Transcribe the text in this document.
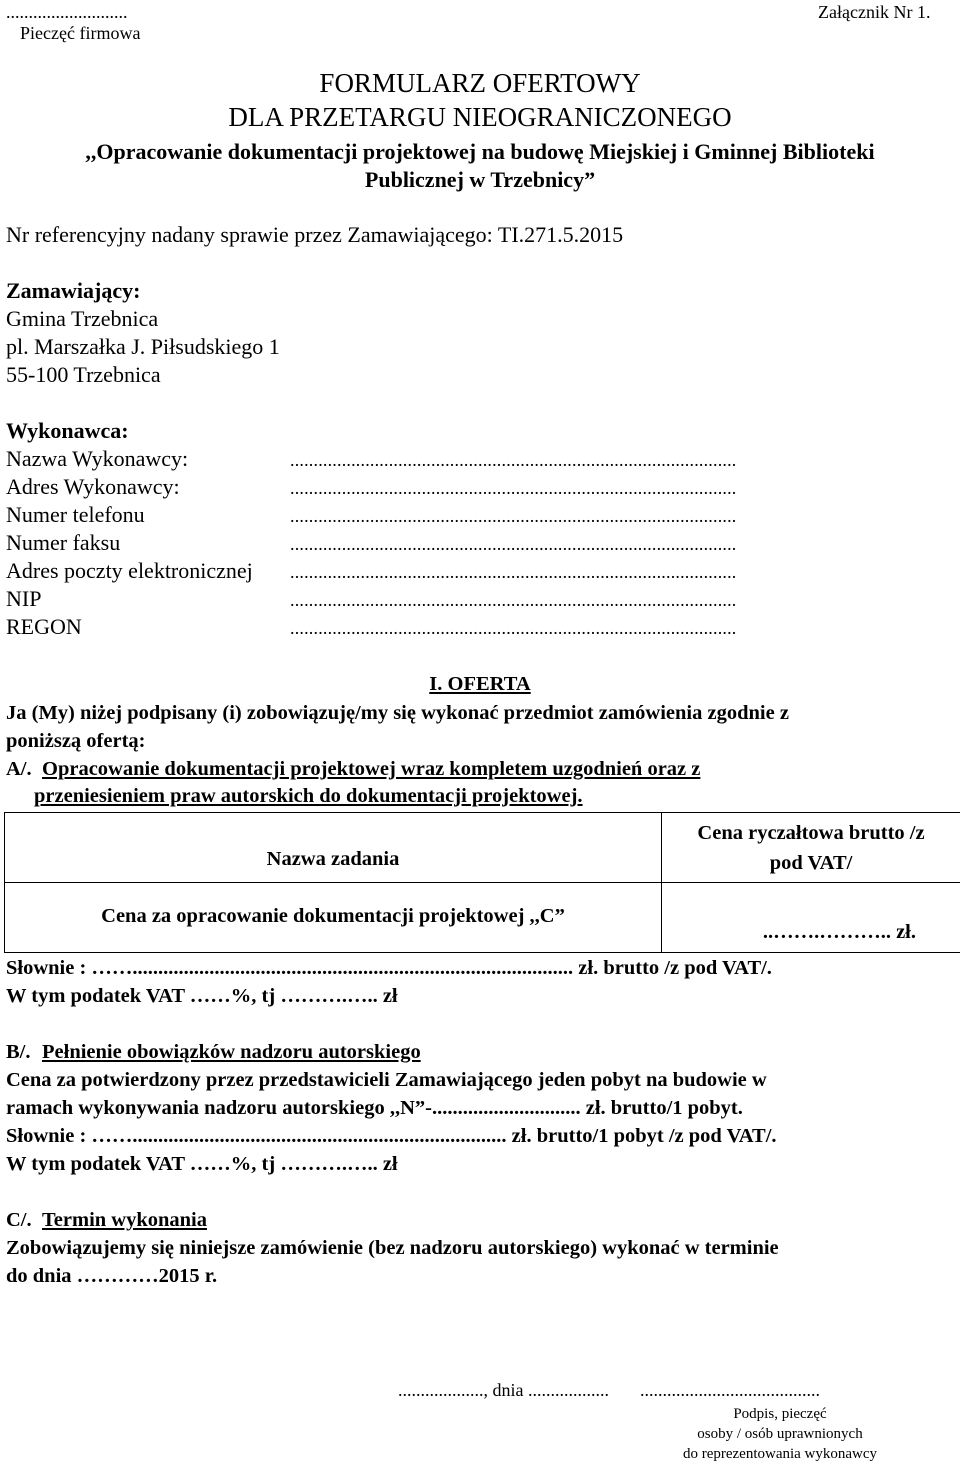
...........................
Pieczęć firmowa
Załącznik Nr 1.
FORMULARZ OFERTOWY
DLA PRZETARGU NIEOGRANICZONEGO
,,Opracowanie dokumentacji projektowej na budowę Miejskiej i Gminnej Biblioteki
Publicznej w Trzebnicy”
Nr referencyjny nadany sprawie przez Zamawiającego: TI.271.5.2015
Zamawiający:
Gmina Trzebnica
pl. Marszałka J. Piłsudskiego 1
55-100 Trzebnica
Wykonawca:
Nazwa Wykonawcy:	...............................................................................................
Adres Wykonawcy:	...............................................................................................
Numer telefonu	...............................................................................................
Numer faksu	...............................................................................................
Adres poczty elektronicznej ...............................................................................................
NIP	...............................................................................................
REGON	...............................................................................................
I. OFERTA
Ja (My) niżej podpisany (i) zobowiązuję/my się wykonać przedmiot zamówienia zgodnie z
poniższą ofertą:
A/. Opracowanie dokumentacji projektowej wraz kompletem uzgodnień oraz z
przeniesieniem praw autorskich do dokumentacji projektowej.
Nazwa zadania	Cena ryczałtowa brutto /z
pod VAT/

Cena za opracowanie dokumentacji projektowej ,,C”	..…….……….. zł.
Słownie : ……...................................................................................... zł. brutto /z pod VAT/.
W tym podatek VAT ……%, tj ……….….. zł
B/. Pełnienie obowiązków nadzoru autorskiego
Cena za potwierdzony przez przedstawicieli Zamawiającego jeden pobyt na budowie w
ramach wykonywania nadzoru autorskiego ,,N”-............................. zł. brutto/1 pobyt.
Słownie : ……......................................................................... zł. brutto/1 pobyt /z pod VAT/.
W tym podatek VAT ……%, tj ……….….. zł
C/. Termin wykonania
Zobowiązujemy się niniejsze zamówienie (bez nadzoru autorskiego) wykonać w terminie
do dnia …………2015 r.
..................., dnia .................. ........................................
Podpis, pieczęć
osoby / osób uprawnionych
do reprezentowania wykonawcy
